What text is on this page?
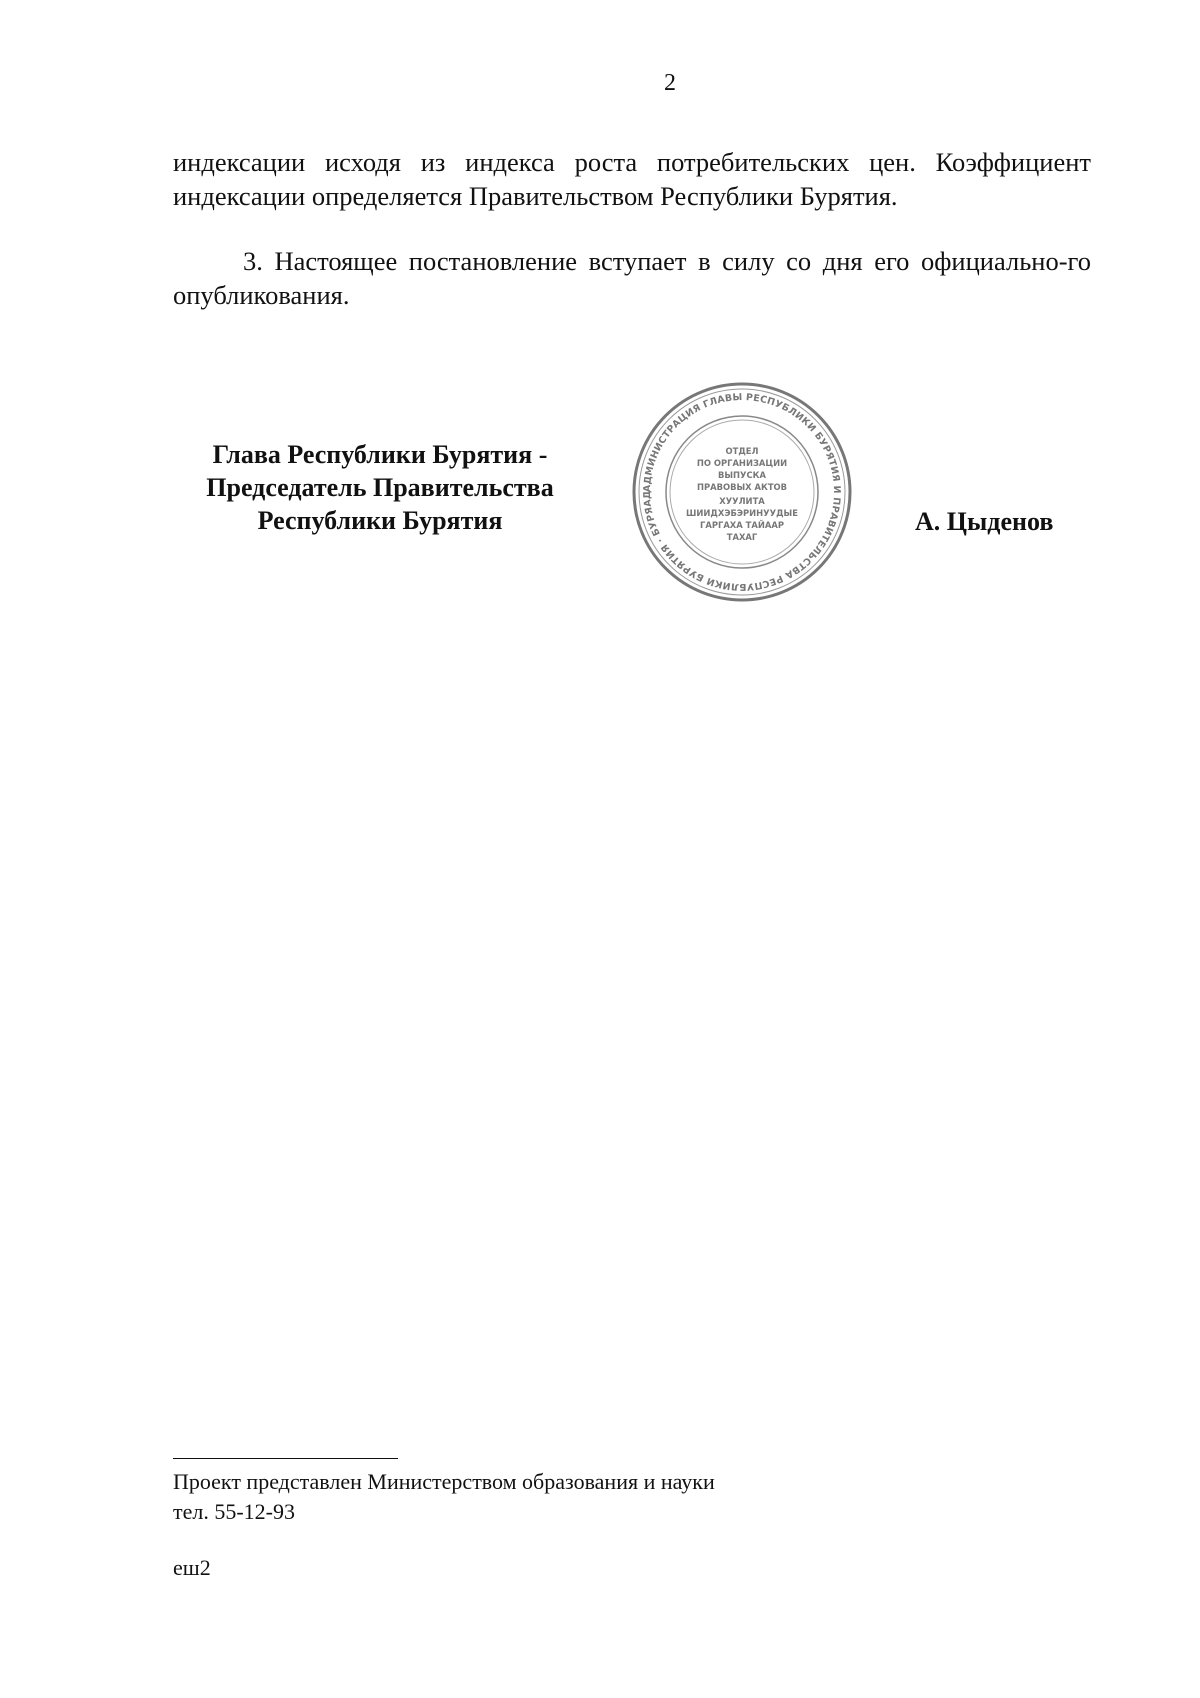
2

индексации исходя из индекса роста потребительских цен. Коэффициент индексации определяется Правительством Республики Бурятия.

3. Настоящее постановление вступает в силу со дня его официально-го опубликования.

Глава Республики Бурятия -
Председатель Правительства
Республики Бурятия
АДМИНИСТРАЦИЯ ГЛАВЫ РЕСПУБЛИКИ БУРЯТИЯ И ПРАВИТЕЛЬСТВА РЕСПУБЛИКИ БУРЯТИЯ · БУРЯАД
ОТДЕЛ
ПО ОРГАНИЗАЦИИ
ВЫПУСКА
ПРАВОВЫХ АКТОВ
ХУУЛИТА
ШИИДХЭБЭРИНУУДЫЕ
ГАРГАХА ТАЙААР
ТАХАГ
А. Цыденов
Проект представлен Министерством образования и науки
тел. 55-12-93
еш2
